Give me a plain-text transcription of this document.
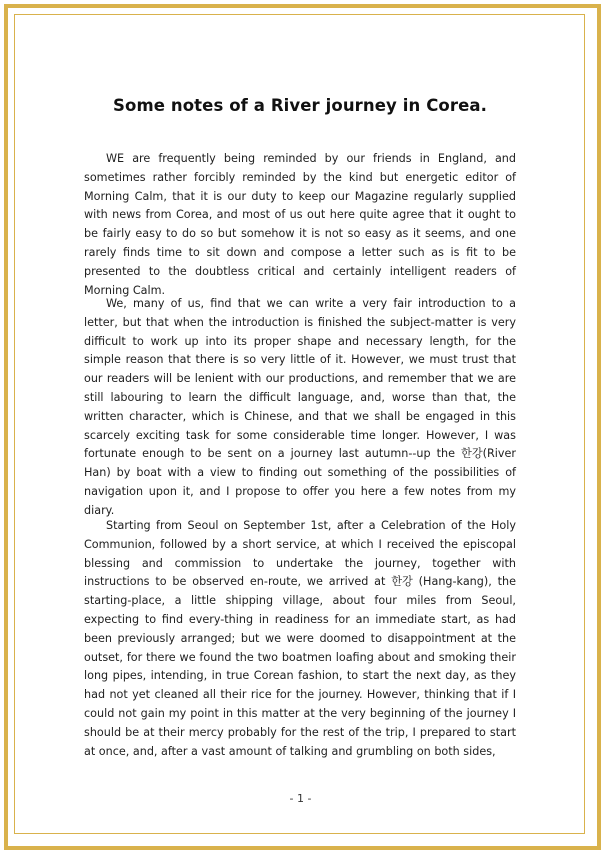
Some notes of a River journey in Corea.

WE are frequently being reminded by our friends in England, and sometimes rather forcibly reminded by the kind but energetic editor of Morning Calm, that it is our duty to keep our Magazine regularly supplied with news from Corea, and most of us out here quite agree that it ought to be fairly easy to do so but somehow it is not so easy as it seems, and one rarely finds time to sit down and compose a letter such as is fit to be presented to the doubtless critical and certainly intelligent readers of Morning Calm.

We, many of us, find that we can write a very fair introduction to a letter, but that when the introduction is finished the subject-matter is very difficult to work up into its proper shape and necessary length, for the simple reason that there is so very little of it. However, we must trust that our readers will be lenient with our productions, and remember that we are still labouring to learn the difficult language, and, worse than that, the written character, which is Chinese, and that we shall be engaged in this scarcely exciting task for some considerable time longer. However, I was fortunate enough to be sent on a journey last autumn--up the 한강(River Han) by boat with a view to finding out something of the possibilities of navigation upon it, and I propose to offer you here a few notes from my diary.

Starting from Seoul on September 1st, after a Celebration of the Holy Communion, followed by a short service, at which I received the episcopal blessing and commission to undertake the journey, together with instructions to be observed en-route, we arrived at 한강 (Hang-kang), the starting-place, a little shipping village, about four miles from Seoul, expecting to find every-thing in readiness for an immediate start, as had been previously arranged; but we were doomed to disappointment at the outset, for there we found the two boatmen loafing about and smoking their long pipes, intending, in true Corean fashion, to start the next day, as they had not yet cleaned all their rice for the journey. However, thinking that if I could not gain my point in this matter at the very beginning of the journey I should be at their mercy probably for the rest of the trip, I prepared to start at once, and, after a vast amount of talking and grumbling on both sides,

- 1 -
